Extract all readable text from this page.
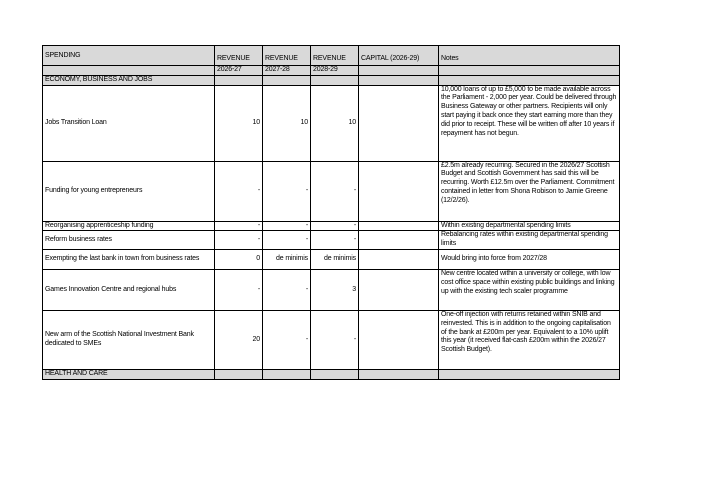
SPENDING	REVENUE	REVENUE	REVENUE	CAPITAL (2026-29)	Notes
	2026-27	2027-28	2028-29		
ECONOMY, BUSINESS AND JOBS					
Jobs Transition Loan	10	10	10		10,000 loans of up to £5,000 to be made available across the Parliament - 2,000 per year. Could be delivered through Business Gateway or other partners. Recipients will only start paying it back once they start earning more than they did prior to receipt. These will be written off after 10 years if repayment has not begun.
Funding for young entrepreneurs	-	-	-		£2.5m already recurring. Secured in the 2026/27 Scottish Budget and Scottish Government has said this will be recurring. Worth £12.5m over the Parliament. Commitment contained in letter from Shona Robison to Jamie Greene (12/2/26).
Reorganising apprenticeship funding	-	-	-		Within existing departmental spending limits
Reform business rates	-	-	-		Rebalancing rates within existing departmental spending limits
Exempting the last bank in town from business rates	0	de minimis	de minimis		Would bring into force from 2027/28
Games Innovation Centre and regional hubs	-	-	3		New centre located within a university or college, with low cost office space within existing public buildings and linking up with the existing tech scaler programme
New arm of the Scottish National Investment Bank dedicated to SMEs	20	-	-		One-off injection with returns retained within SNIB and reinvested. This is in addition to the ongoing capitalisation of the bank at £200m per year. Equivalent to a 10% uplift this year (it received flat-cash £200m within the 2026/27 Scottish Budget).
HEALTH AND CARE					
